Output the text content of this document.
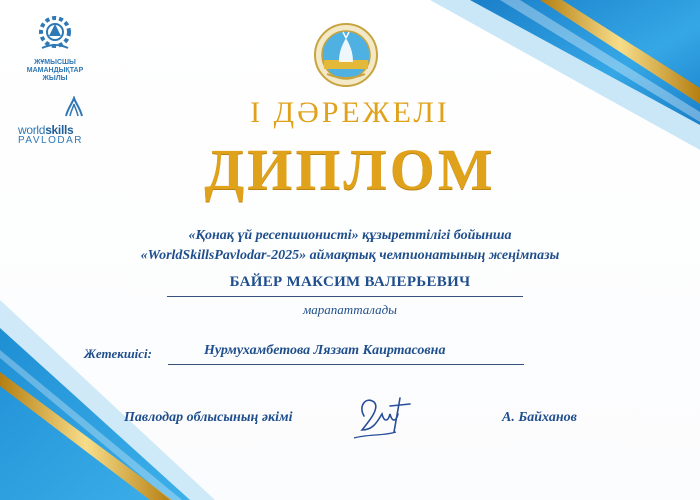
ЖҰМЫСШЫ
МАМАНДЫҚТАР
ЖЫЛЫ
worldskills
PAVLODAR
I ДӘРЕЖЕЛІ
ДИПЛОМ
«Қонақ үй ресепшионисті» құзыреттілігі бойынша
«WorldSkillsPavlodar-2025» аймақтық чемпионатының жеңімпазы
БАЙЕР МАКСИМ ВАЛЕРЬЕВИЧ
марапатталады
Жетекшісі:	Нурмухамбетова Ляззат Каиртасовна
Павлодар облысының әкімі	А. Байханов
